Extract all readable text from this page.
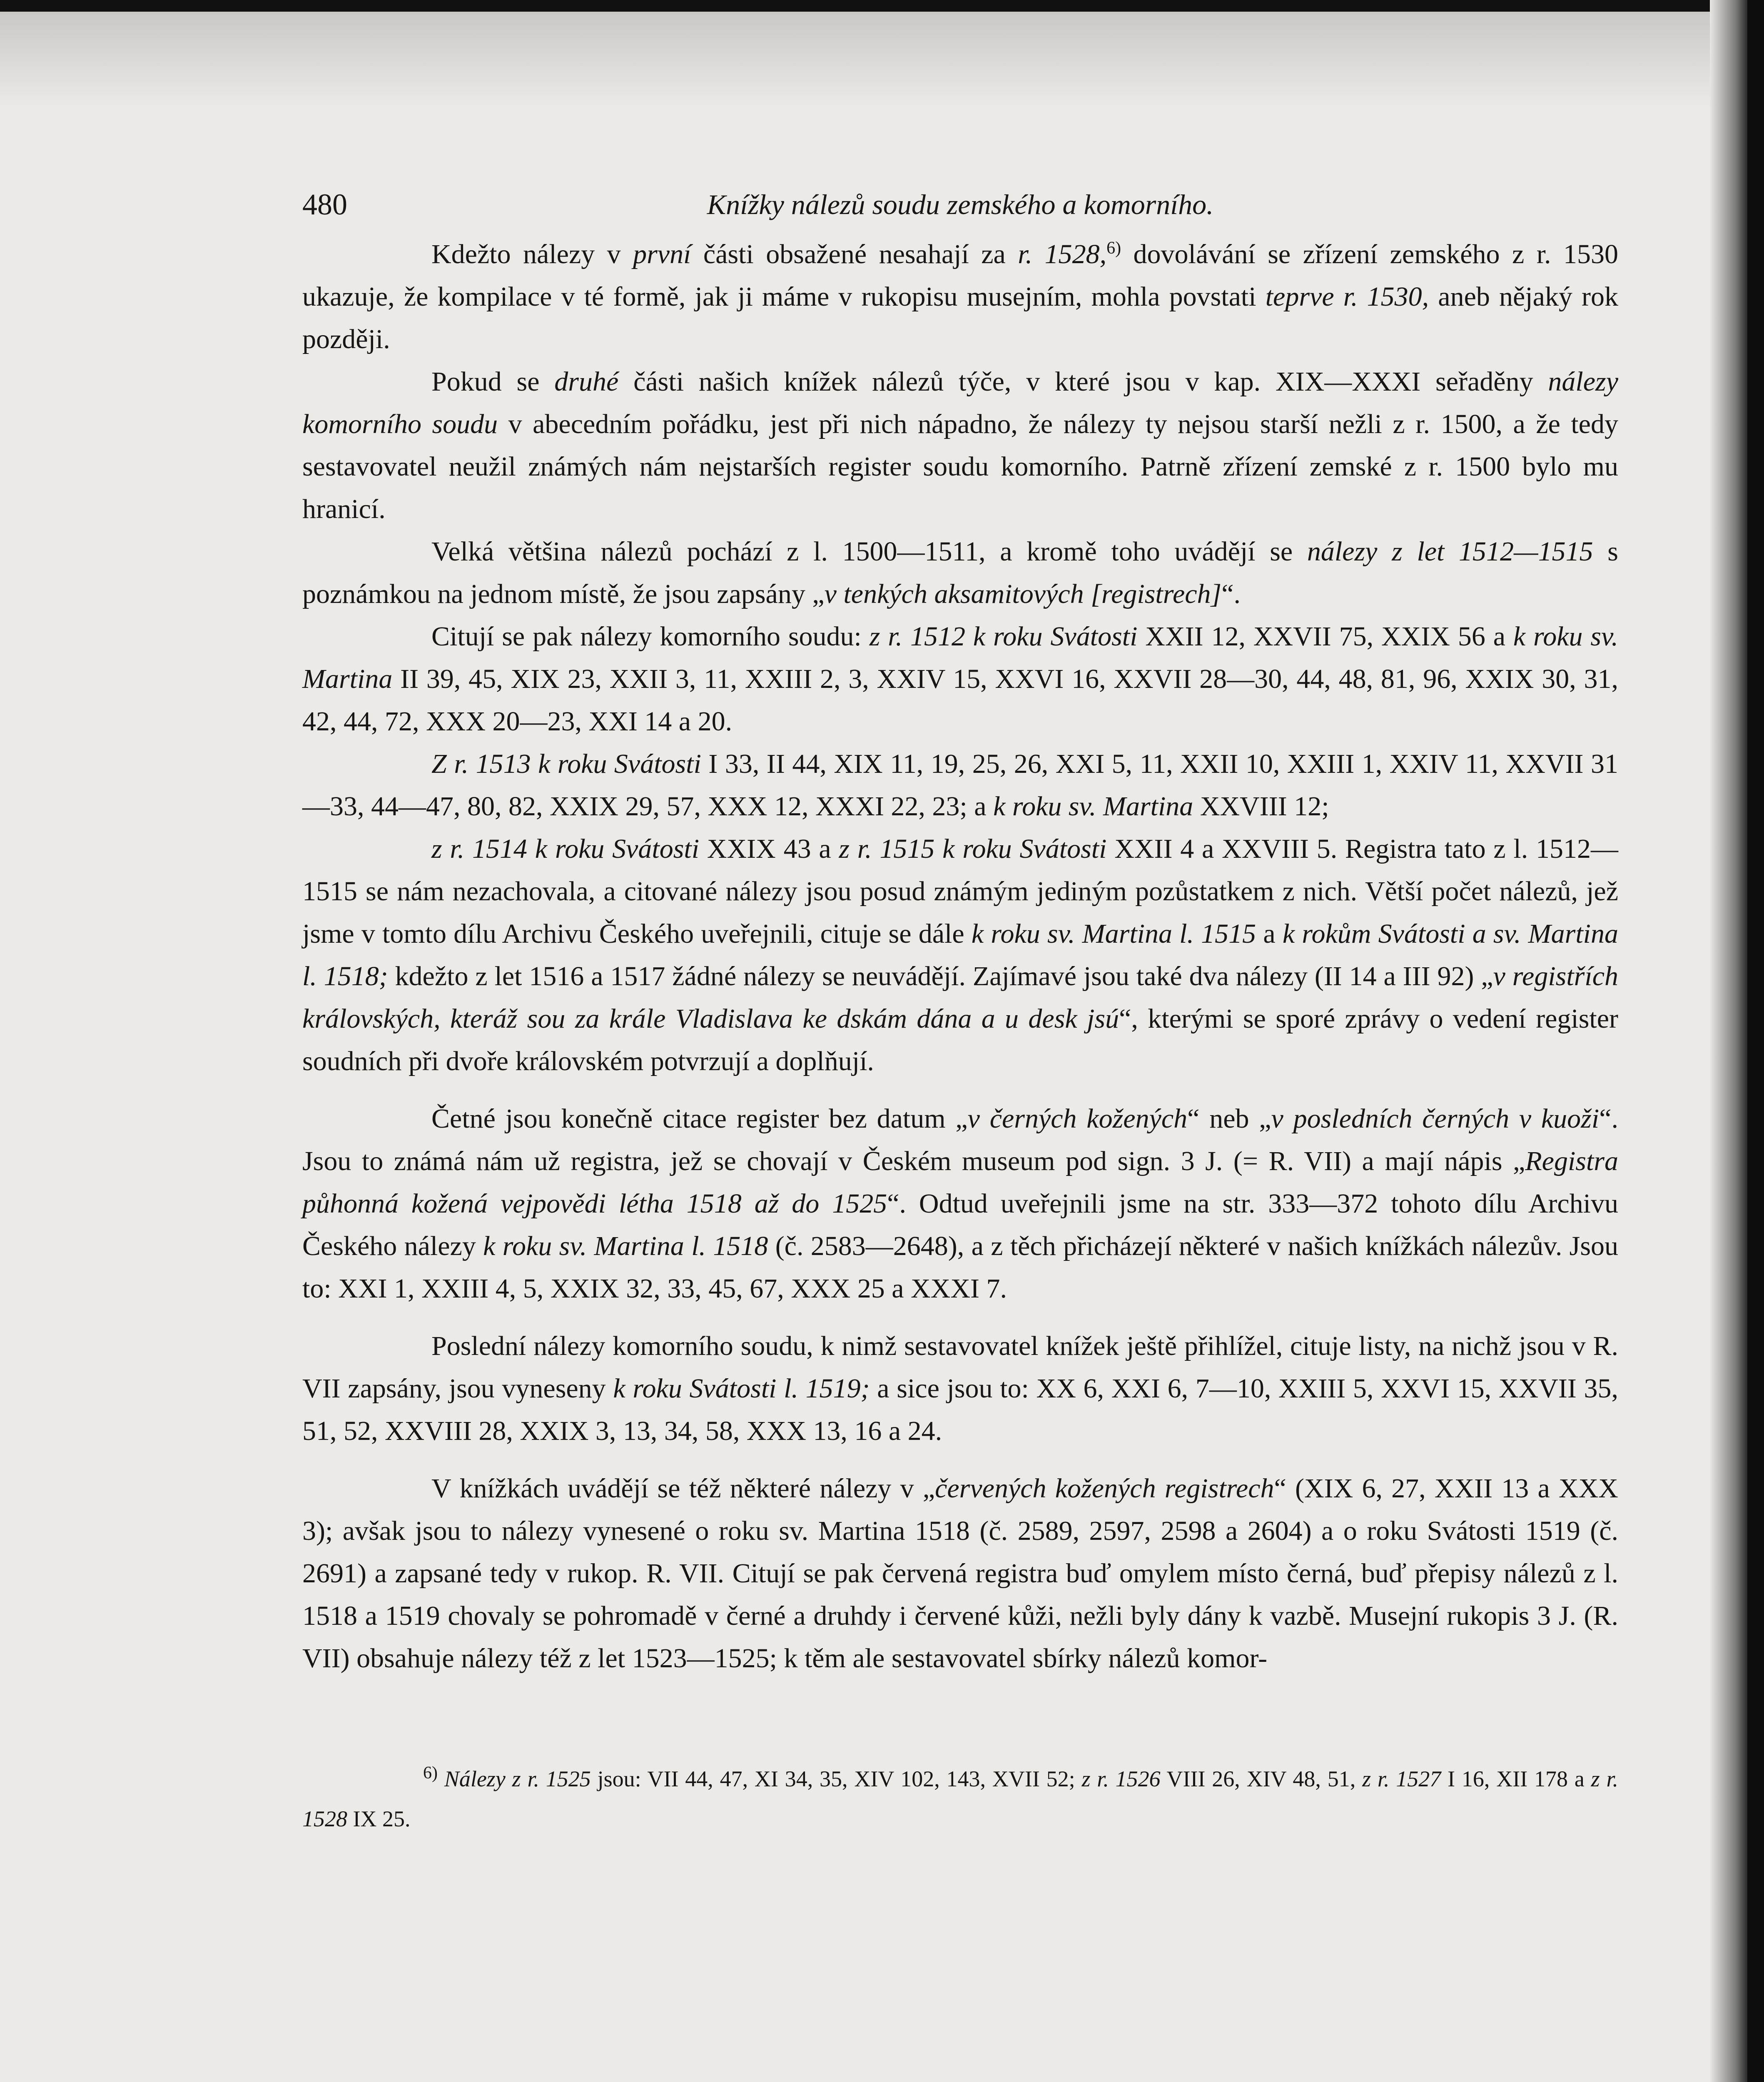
480	Knížky nálezů soudu zemského a komorního.

Kdežto nálezy v první části obsažené nesahají za r. 1528,$^{6)}$ dovolávání se zřízení zemského z r. 1530 ukazuje, že kompilace v té formě, jak ji máme v rukopisu musejním, mohla povstati teprve r. 1530, aneb nějaký rok později.

Pokud se druhé části našich knížek nálezů týče, v které jsou v kap. XIX—XXXI seřaděny nálezy komorního soudu v abecedním pořádku, jest při nich nápadno, že nálezy ty nejsou starší nežli z r. 1500, a že tedy sestavovatel neužil známých nám nejstarších register soudu komorního. Patrně zřízení zemské z r. 1500 bylo mu hranicí.

Velká většina nálezů pochází z l. 1500—1511, a kromě toho uvádějí se nálezy z let 1512—1515 s poznámkou na jednom místě, že jsou zapsány „v tenkých aksamitových [registrech]“.

Citují se pak nálezy komorního soudu: z r. 1512 k roku Svátosti XXII 12, XXVII 75, XXIX 56 a k roku sv. Martina II 39, 45, XIX 23, XXII 3, 11, XXIII 2, 3, XXIV 15, XXVI 16, XXVII 28—30, 44, 48, 81, 96, XXIX 30, 31, 42, 44, 72, XXX 20—23, XXI 14 a 20.

Z r. 1513 k roku Svátosti I 33, II 44, XIX 11, 19, 25, 26, XXI 5, 11, XXII 10, XXIII 1, XXIV 11, XXVII 31—33, 44—47, 80, 82, XXIX 29, 57, XXX 12, XXXI 22, 23; a k roku sv. Martina XXVIII 12;

z r. 1514 k roku Svátosti XXIX 43 a z r. 1515 k roku Svátosti XXII 4 a XXVIII 5. Registra tato z l. 1512—1515 se nám nezachovala, a citované nálezy jsou posud známým jediným pozůstatkem z nich. Větší počet nálezů, jež jsme v tomto dílu Archivu Českého uveřejnili, cituje se dále k roku sv. Martina l. 1515 a k rokům Svátosti a sv. Martina l. 1518; kdežto z let 1516 a 1517 žádné nálezy se neuvádějí. Zajímavé jsou také dva nálezy (II 14 a III 92) „v registřích královských, kteráž sou za krále Vladislava ke dskám dána a u desk jsú“, kterými se sporé zprávy o vedení register soudních při dvoře královském potvrzují a doplňují.

Četné jsou konečně citace register bez datum „v černých kožených“ neb „v posledních černých v kuoži“. Jsou to známá nám už registra, jež se chovají v Českém museum pod sign. 3 J. (= R. VII) a mají nápis „Registra půhonná kožená vejpovědi létha 1518 až do 1525“. Odtud uveřejnili jsme na str. 333—372 tohoto dílu Archivu Českého nálezy k roku sv. Martina l. 1518 (č. 2583—2648), a z těch přicházejí některé v našich knížkách nálezův. Jsou to: XXI 1, XXIII 4, 5, XXIX 32, 33, 45, 67, XXX 25 a XXXI 7.

Poslední nálezy komorního soudu, k nimž sestavovatel knížek ještě přihlížel, cituje listy, na nichž jsou v R. VII zapsány, jsou vyneseny k roku Svátosti l. 1519; a sice jsou to: XX 6, XXI 6, 7—10, XXIII 5, XXVI 15, XXVII 35, 51, 52, XXVIII 28, XXIX 3, 13, 34, 58, XXX 13, 16 a 24.

V knížkách uvádějí se též některé nálezy v „červených kožených registrech“ (XIX 6, 27, XXII 13 a XXX 3); avšak jsou to nálezy vynesené o roku sv. Martina 1518 (č. 2589, 2597, 2598 a 2604) a o roku Svátosti 1519 (č. 2691) a zapsané tedy v rukop. R. VII. Citují se pak červená registra buď omylem místo černá, buď přepisy nálezů z l. 1518 a 1519 chovaly se pohromadě v černé a druhdy i červené kůži, nežli byly dány k vazbě. Musejní rukopis 3 J. (R. VII) obsahuje nálezy též z let 1523—1525; k těm ale sestavovatel sbírky nálezů komor-

$^{6)}$ Nálezy z r. 1525 jsou: VII 44, 47, XI 34, 35, XIV 102, 143, XVII 52; z r. 1526 VIII 26, XIV 48, 51, z r. 1527 I 16, XII 178 a z r. 1528 IX 25.
